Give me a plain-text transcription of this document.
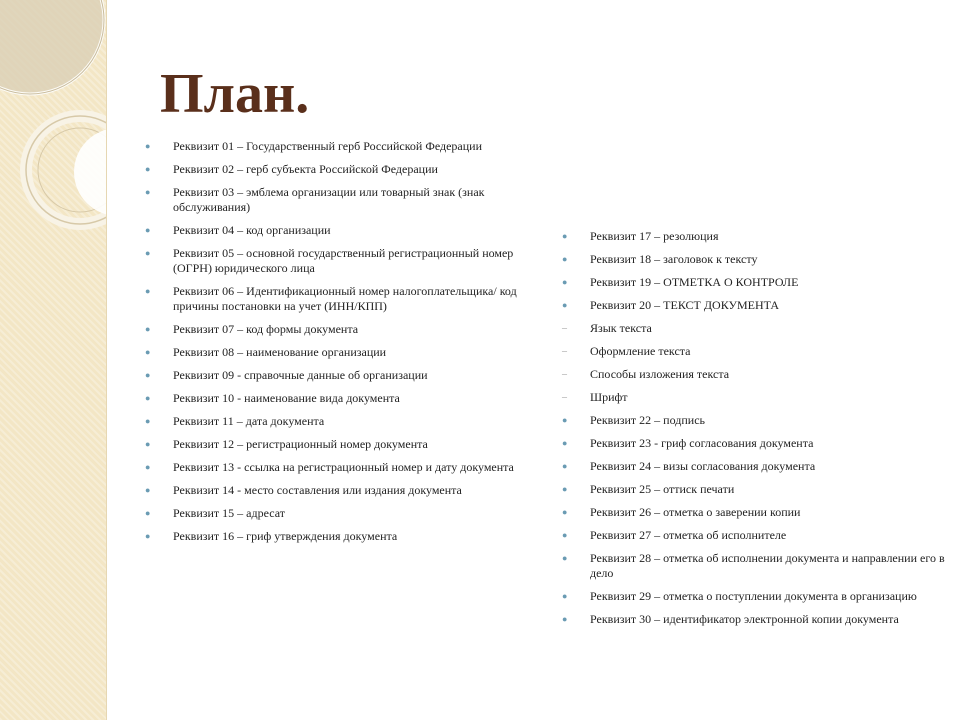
План.
● Реквизит 01 – Государственный герб Российской Федерации
● Реквизит 02 – герб субъекта Российской Федерации
● Реквизит 03 – эмблема организации или товарный знак (знак обслуживания)
● Реквизит 04 – код организации
● Реквизит 05 – основной государственный регистрационный номер (ОГРН) юридического лица
● Реквизит 06 – Идентификационный номер налогоплательщика/ код причины постановки на учет (ИНН/КПП)
● Реквизит 07 – код формы документа
● Реквизит 08 – наименование организации
● Реквизит 09 - справочные данные об организации
● Реквизит 10 - наименование вида документа
● Реквизит 11 – дата документа
● Реквизит 12 – регистрационный номер документа
● Реквизит 13 - ссылка на регистрационный номер и дату документа
● Реквизит 14 - место составления или издания документа
● Реквизит 15 – адресат
● Реквизит 16 – гриф утверждения документа
● Реквизит 17 – резолюция
● Реквизит 18 – заголовок к тексту
● Реквизит 19 – ОТМЕТКА О КОНТРОЛЕ
● Реквизит 20 – ТЕКСТ ДОКУМЕНТА
– Язык текста
– Оформление текста
– Способы изложения текста
– Шрифт
● Реквизит 22 – подпись
● Реквизит 23 - гриф согласования документа
● Реквизит 24 – визы согласования документа
● Реквизит 25 – оттиск печати
● Реквизит 26 – отметка о заверении копии
● Реквизит 27 – отметка об исполнителе
● Реквизит 28 – отметка об исполнении документа и направлении его в дело
● Реквизит 29 – отметка о поступлении документа в организацию
● Реквизит 30 – идентификатор электронной копии документа
